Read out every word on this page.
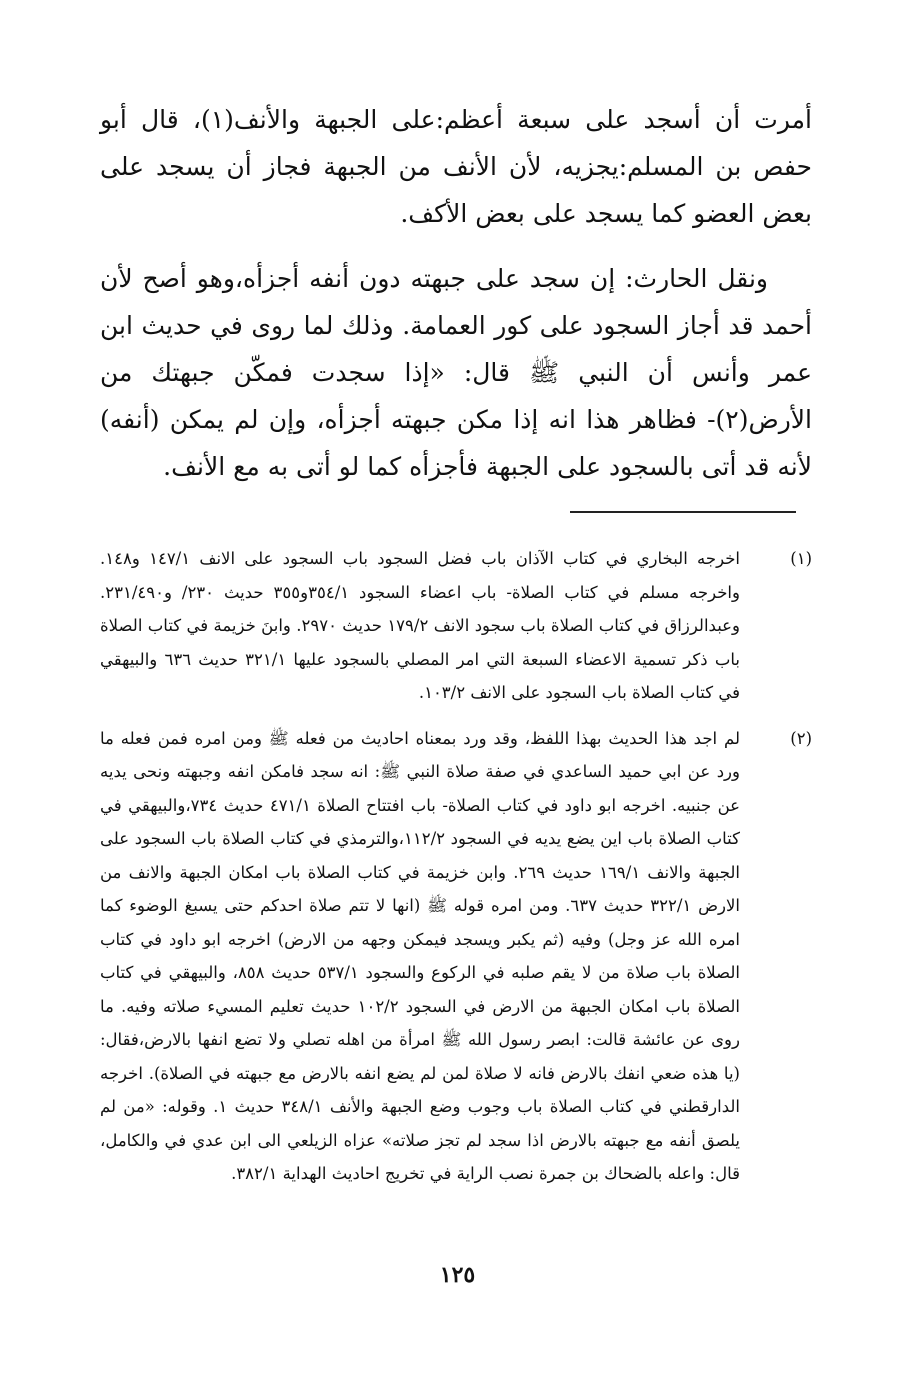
أمرت أن أسجد على سبعة أعظم:على الجبهة والأنف(١)، قال أبو حفص بن المسلم:يجزيه، لأن الأنف من الجبهة فجاز أن يسجد على بعض العضو كما يسجد على بعض الأكف.

ونقل الحارث: إن سجد على جبهته دون أنفه أجزأه،وهو أصح لأن أحمد قد أجاز السجود على كور العمامة. وذلك لما روى في حديث ابن عمر وأنس أن النبي ﷺ قال: «إذا سجدت فمكّن جبهتك من الأرض(٢)- فظاهر هذا انه إذا مكن جبهته أجزأه، وإن لم يمكن (أنفه) لأنه قد أتى بالسجود على الجبهة فأجزأه كما لو أتى به مع الأنف.

(١)
اخرجه البخاري في كتاب الآذان باب فضل السجود باب السجود على الانف ١٤٧/١ و١٤٨. واخرجه مسلم في كتاب الصلاة- باب اعضاء السجود ٣٥٤/١و٣٥٥ حديث ٢٣٠/ و٢٣١/٤٩٠. وعبدالرزاق في كتاب الصلاة باب سجود الانف ١٧٩/٢ حديث ٢٩٧٠. وابنَ خزيمة في كتاب الصلاة باب ذكر تسمية الاعضاء السبعة التي امر المصلي بالسجود عليها ٣٢١/١ حديث ٦٣٦ والبيهقي في كتاب الصلاة باب السجود على الانف ١٠٣/٢.
(٢)
لم اجد هذا الحديث بهذا اللفظ، وقد ورد بمعناه احاديث من فعله ﷺ ومن امره فمن فعله ما ورد عن ابي حميد الساعدي في صفة صلاة النبي ﷺ: انه سجد فامكن انفه وجبهته ونحى يديه عن جنبيه. اخرجه ابو داود في كتاب الصلاة- باب افتتاح الصلاة ٤٧١/١ حديث ٧٣٤،والبيهقي في كتاب الصلاة باب اين يضع يديه في السجود ١١٢/٢،والترمذي في كتاب الصلاة باب السجود على الجبهة والانف ١٦٩/١ حديث ٢٦٩. وابن خزيمة في كتاب الصلاة باب امكان الجبهة والانف من الارض ٣٢٢/١ حديث ٦٣٧. ومن امره قوله ﷺ (انها لا تتم صلاة احدكم حتى يسبغ الوضوء كما امره الله عز وجل) وفيه (ثم يكبر ويسجد فيمكن وجهه من الارض) اخرجه ابو داود في كتاب الصلاة باب صلاة من لا يقم صلبه في الركوع والسجود ٥٣٧/١ حديث ٨٥٨، والبيهقي في كتاب الصلاة باب امكان الجبهة من الارض في السجود ١٠٢/٢ حديث تعليم المسيء صلاته وفيه. ما روى عن عائشة قالت: ابصر رسول الله ﷺ امرأة من اهله تصلي ولا تضع انفها بالارض،فقال: (يا هذه ضعي انفك بالارض فانه لا صلاة لمن لم يضع انفه بالارض مع جبهته في الصلاة). اخرجه الدارقطني في كتاب الصلاة باب وجوب وضع الجبهة والأنف ٣٤٨/١ حديث ١. وقوله: «من لم يلصق أنفه مع جبهته بالارض اذا سجد لم تجز صلاته» عزاه الزيلعي الى ابن عدي في والكامل، قال: واعله بالضحاك بن جمرة نصب الراية في تخريج احاديث الهداية ٣٨٢/١.
١٢٥
